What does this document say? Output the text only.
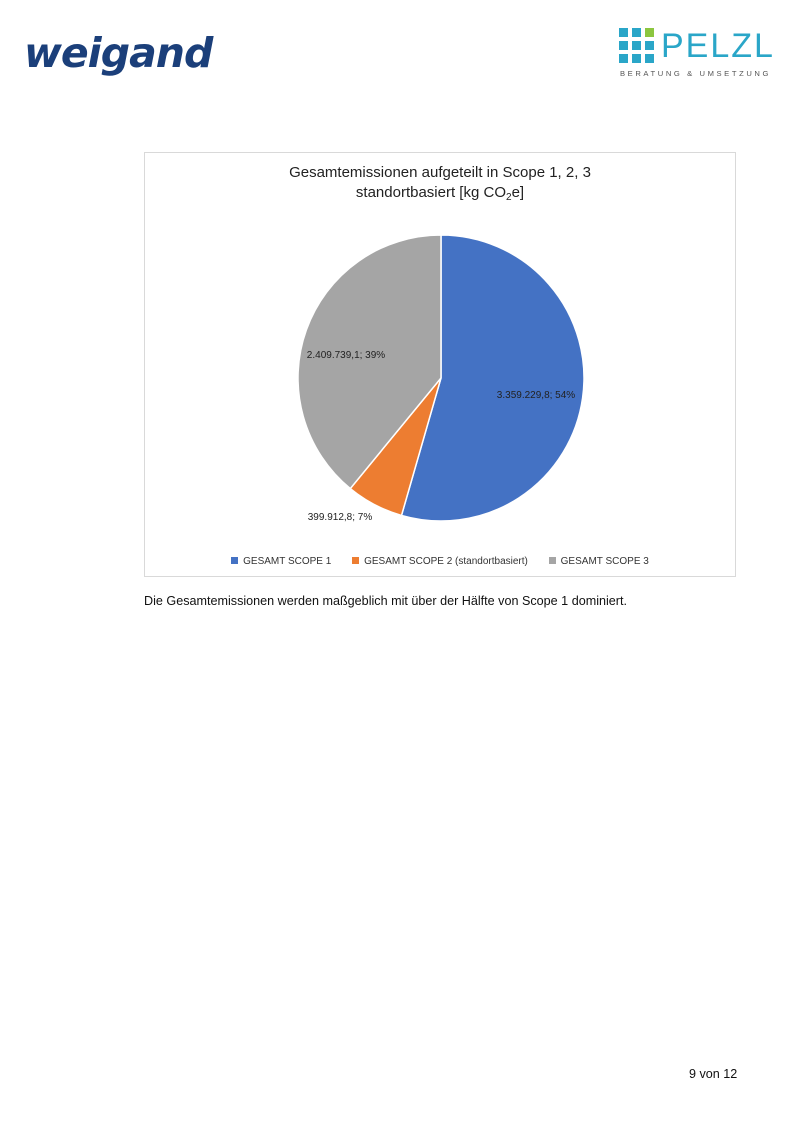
weigand	PELZL
BERATUNG & UMSETZUNG
Gesamtemissionen aufgeteilt in Scope 1, 2, 3
standortbasiert [kg $CO_2e$]
3.359.229,8; 54%
399.912,8; 7%
2.409.739,1; 39%
GESAMT SCOPE 1	GESAMT SCOPE 2 (standortbasiert)	GESAMT SCOPE 3
Die Gesamtemissionen werden maßgeblich mit über der Hälfte von Scope 1 dominiert.
9 von 12
